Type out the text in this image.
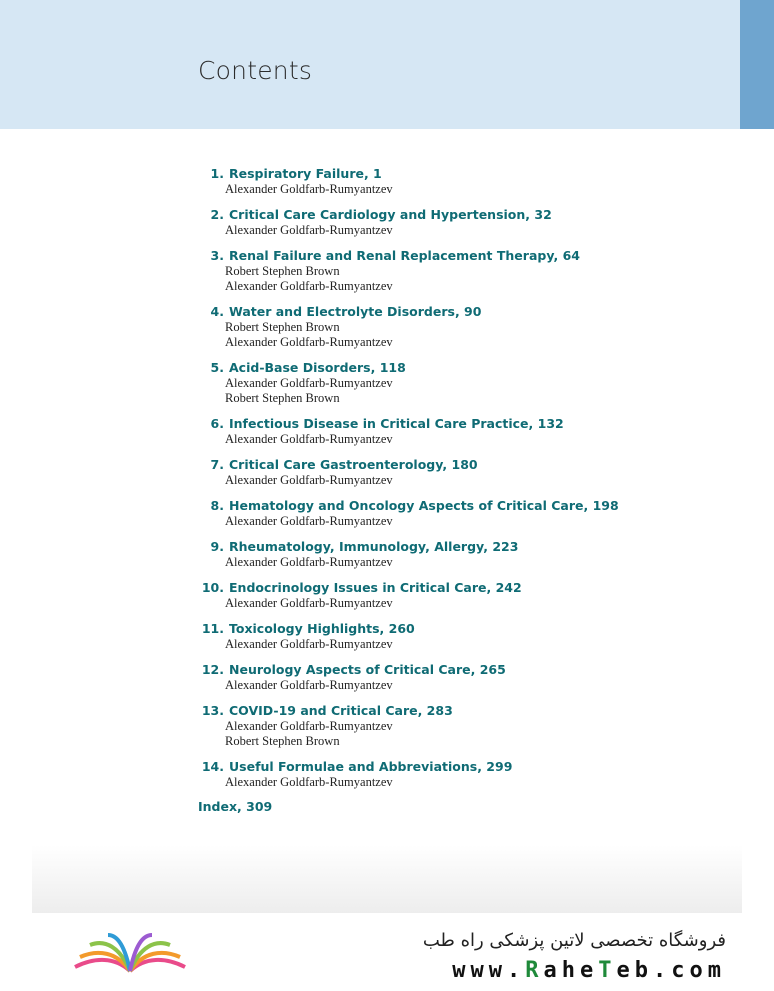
Contents
1. Respiratory Failure, 1
Alexander Goldfarb-Rumyantzev
2. Critical Care Cardiology and Hypertension, 32
Alexander Goldfarb-Rumyantzev
3. Renal Failure and Renal Replacement Therapy, 64
Robert Stephen Brown
Alexander Goldfarb-Rumyantzev
4. Water and Electrolyte Disorders, 90
Robert Stephen Brown
Alexander Goldfarb-Rumyantzev
5. Acid-Base Disorders, 118
Alexander Goldfarb-Rumyantzev
Robert Stephen Brown
6. Infectious Disease in Critical Care Practice, 132
Alexander Goldfarb-Rumyantzev
7. Critical Care Gastroenterology, 180
Alexander Goldfarb-Rumyantzev
8. Hematology and Oncology Aspects of Critical Care, 198
Alexander Goldfarb-Rumyantzev
9. Rheumatology, Immunology, Allergy, 223
Alexander Goldfarb-Rumyantzev
10. Endocrinology Issues in Critical Care, 242
Alexander Goldfarb-Rumyantzev
11. Toxicology Highlights, 260
Alexander Goldfarb-Rumyantzev
12. Neurology Aspects of Critical Care, 265
Alexander Goldfarb-Rumyantzev
13. COVID-19 and Critical Care, 283
Alexander Goldfarb-Rumyantzev
Robert Stephen Brown
14. Useful Formulae and Abbreviations, 299
Alexander Goldfarb-Rumyantzev
Index, 309
فروشگاه تخصصی لاتین پزشکی راه طب
www.RaheTeb.com
